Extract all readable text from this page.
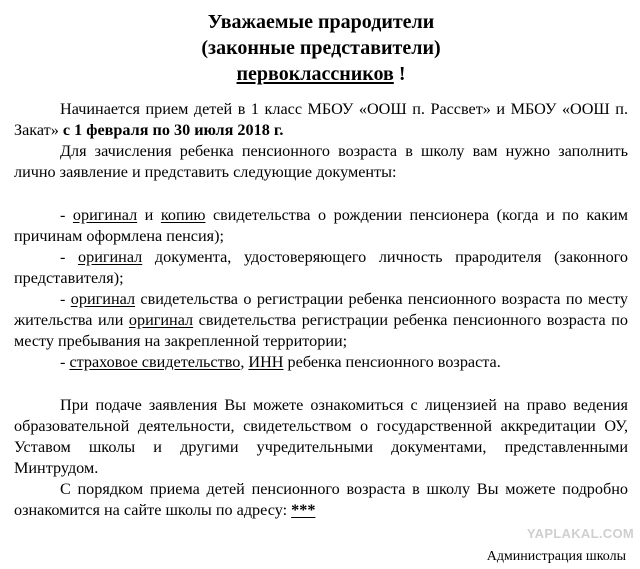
Уважаемые прародители
(законные представители)
первоклассников !

Начинается прием детей в 1 класс МБОУ «ООШ п. Рассвет» и МБОУ «ООШ п. Закат» с 1 февраля по 30 июля 2018 г.

Для зачисления ребенка пенсионного возраста в школу вам нужно заполнить лично заявление и представить следующие документы:

- оригинал и копию свидетельства о рождении пенсионера (когда и по каким причинам оформлена пенсия);

- оригинал документа, удостоверяющего личность прародителя (законного представителя);

- оригинал свидетельства о регистрации ребенка пенсионного возраста по месту жительства или оригинал свидетельства регистрации ребенка пенсионного возраста по месту пребывания на закрепленной территории;

- страховое свидетельство, ИНН ребенка пенсионного возраста.

При подаче заявления Вы можете ознакомиться с лицензией на право ведения образовательной деятельности, свидетельством о государственной аккредитации ОУ, Уставом школы и другими учредительными документами, представленными Минтрудом.

С порядком приема детей пенсионного возраста в школу Вы можете подробно ознакомится на сайте школы по адресу: ***

YAPLAKAL.COM
Администрация школы
